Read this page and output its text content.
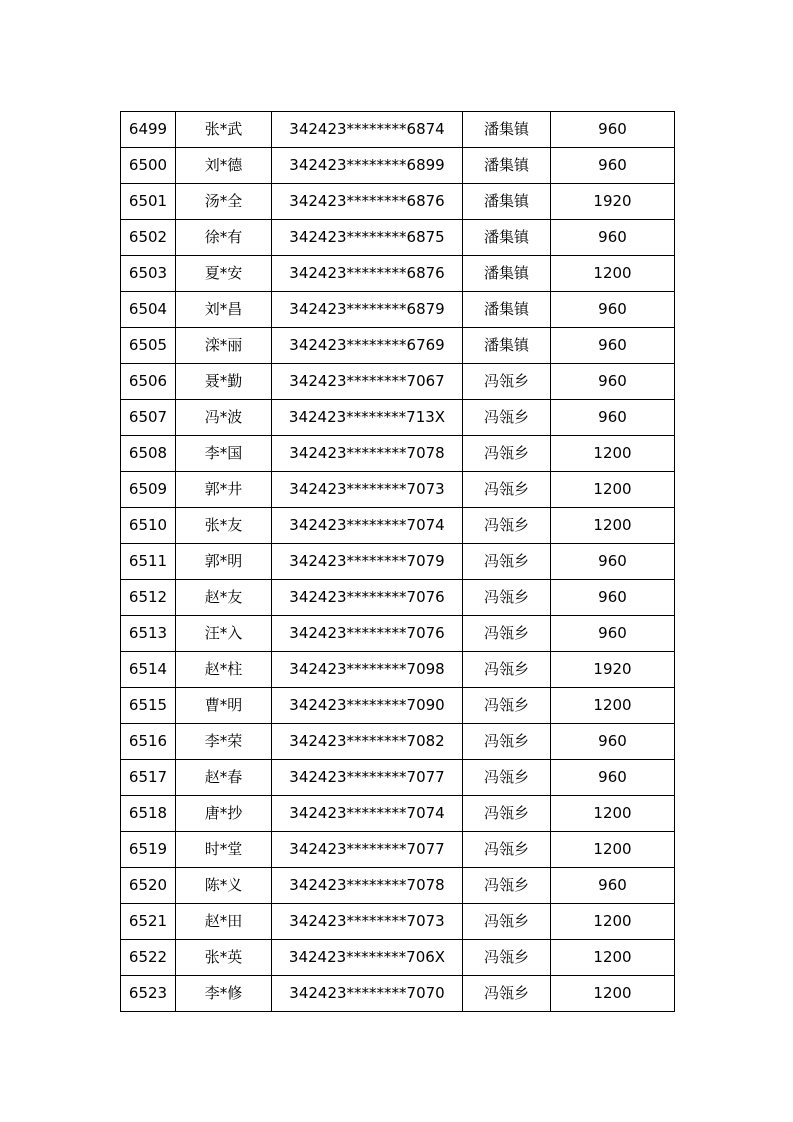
6499	张*武	342423********6874	潘集镇	960
6500	刘*德	342423********6899	潘集镇	960
6501	汤*全	342423********6876	潘集镇	1920
6502	徐*有	342423********6875	潘集镇	960
6503	夏*安	342423********6876	潘集镇	1200
6504	刘*昌	342423********6879	潘集镇	960
6505	滦*丽	342423********6769	潘集镇	960
6506	聂*勤	342423********7067	冯瓴乡	960
6507	冯*波	342423********713X	冯瓴乡	960
6508	李*国	342423********7078	冯瓴乡	1200
6509	郭*井	342423********7073	冯瓴乡	1200
6510	张*友	342423********7074	冯瓴乡	1200
6511	郭*明	342423********7079	冯瓴乡	960
6512	赵*友	342423********7076	冯瓴乡	960
6513	汪*入	342423********7076	冯瓴乡	960
6514	赵*柱	342423********7098	冯瓴乡	1920
6515	曹*明	342423********7090	冯瓴乡	1200
6516	李*荣	342423********7082	冯瓴乡	960
6517	赵*春	342423********7077	冯瓴乡	960
6518	唐*抄	342423********7074	冯瓴乡	1200
6519	时*堂	342423********7077	冯瓴乡	1200
6520	陈*义	342423********7078	冯瓴乡	960
6521	赵*田	342423********7073	冯瓴乡	1200
6522	张*英	342423********706X	冯瓴乡	1200
6523	李*修	342423********7070	冯瓴乡	1200
